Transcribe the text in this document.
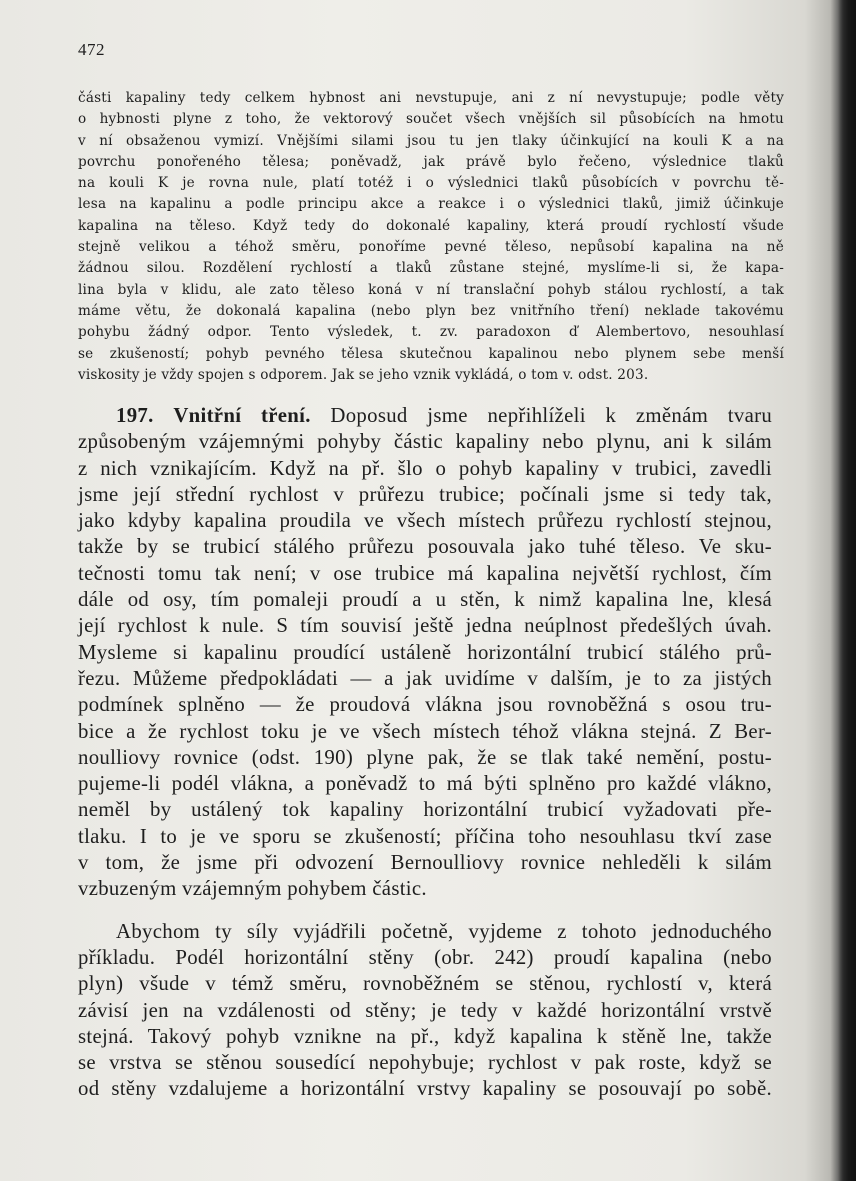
472
části kapaliny tedy celkem hybnost ani nevstupuje, ani z ní nevystupuje; podle věty
o hybnosti plyne z toho, že vektorový součet všech vnějších sil působících na hmotu
v ní obsaženou vymizí. Vnějšími silami jsou tu jen tlaky účinkující na kouli K a na
povrchu ponořeného tělesa; poněvadž, jak právě bylo řečeno, výslednice tlaků
na kouli K je rovna nule, platí totéž i o výslednici tlaků působících v povrchu tě-
lesa na kapalinu a podle principu akce a reakce i o výslednici tlaků, jimiž účinkuje
kapalina na těleso. Když tedy do dokonalé kapaliny, která proudí rychlostí všude
stejně velikou a téhož směru, ponoříme pevné těleso, nepůsobí kapalina na ně
žádnou silou. Rozdělení rychlostí a tlaků zůstane stejné, myslíme-li si, že kapa-
lina byla v klidu, ale zato těleso koná v ní translační pohyb stálou rychlostí, a tak
máme větu, že dokonalá kapalina (nebo plyn bez vnitřního tření) neklade takovému
pohybu žádný odpor. Tento výsledek, t. zv. paradoxon ď Alembertovo, nesouhlasí
se zkušeností; pohyb pevného tělesa skutečnou kapalinou nebo plynem sebe menší
viskosity je vždy spojen s odporem. Jak se jeho vznik vykládá, o tom v. odst. 203.
197. Vnitřní tření. Doposud jsme nepřihlíželi k změnám tvaru
způsobeným vzájemnými pohyby částic kapaliny nebo plynu, ani k silám
z nich vznikajícím. Když na př. šlo o pohyb kapaliny v trubici, zavedli
jsme její střední rychlost v průřezu trubice; počínali jsme si tedy tak,
jako kdyby kapalina proudila ve všech místech průřezu rychlostí stejnou,
takže by se trubicí stálého průřezu posouvala jako tuhé těleso. Ve sku-
tečnosti tomu tak není; v ose trubice má kapalina největší rychlost, čím
dále od osy, tím pomaleji proudí a u stěn, k nimž kapalina lne, klesá
její rychlost k nule. S tím souvisí ještě jedna neúplnost předešlých úvah.
Mysleme si kapalinu proudící ustáleně horizontální trubicí stálého prů-
řezu. Můžeme předpokládati — a jak uvidíme v dalším, je to za jistých
podmínek splněno — že proudová vlákna jsou rovnoběžná s osou tru-
bice a že rychlost toku je ve všech místech téhož vlákna stejná. Z Ber-
noulliovy rovnice (odst. 190) plyne pak, že se tlak také nemění, postu-
pujeme-li podél vlákna, a poněvadž to má býti splněno pro každé vlákno,
neměl by ustálený tok kapaliny horizontální trubicí vyžadovati pře-
tlaku. I to je ve sporu se zkušeností; příčina toho nesouhlasu tkví zase
v tom, že jsme při odvození Bernoulliovy rovnice nehleděli k silám
vzbuzeným vzájemným pohybem částic.
Abychom ty síly vyjádřili početně, vyjdeme z tohoto jednoduchého
příkladu. Podél horizontální stěny (obr. 242) proudí kapalina (nebo
plyn) všude v témž směru, rovnoběžném se stěnou, rychlostí v, která
závisí jen na vzdálenosti od stěny; je tedy v každé horizontální vrstvě
stejná. Takový pohyb vznikne na př., když kapalina k stěně lne, takže
se vrstva se stěnou sousedící nepohybuje; rychlost v pak roste, když se
od stěny vzdalujeme a horizontální vrstvy kapaliny se posouvají po sobě.
